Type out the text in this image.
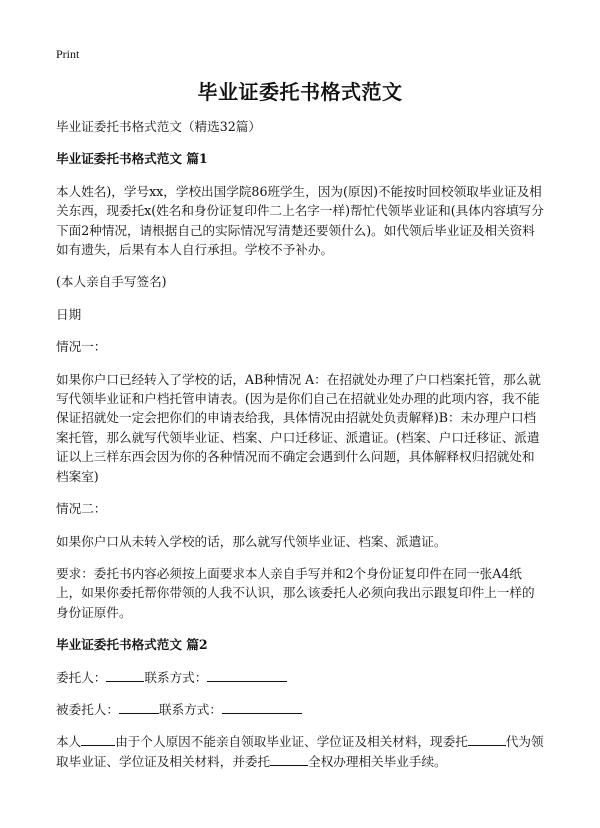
Print
毕业证委托书格式范文

毕业证委托书格式范文（精选32篇）

毕业证委托书格式范文 篇1

本人姓名)，学号xx，学校出国学院86班学生，因为(原因)不能按时回校领取毕业证及相关东西，现委托x(姓名和身份证复印件二上名字一样)帮忙代领毕业证和(具体内容填写分下面2种情况，请根据自己的实际情况写清楚还要领什么)。如代领后毕业证及相关资料如有遗失，后果有本人自行承担。学校不予补办。

(本人亲自手写签名)

日期

情况一：

如果你户口已经转入了学校的话，AB种情况 A：在招就处办理了户口档案托管，那么就写代领毕业证和户档托管申请表。(因为是你们自己在招就业处办理的此项内容，我不能保证招就处一定会把你们的申请表给我，具体情况由招就处负责解释)B：未办理户口档案托管，那么就写代领毕业证、档案、户口迁移证、派遣证。(档案、户口迁移证、派遣证以上三样东西会因为你的各种情况而不确定会遇到什么问题，具体解释权归招就处和档案室)

情况二：

如果你户口从未转入学校的话，那么就写代领毕业证、档案、派遣证。

要求：委托书内容必须按上面要求本人亲自手写并和2个身份证复印件在同一张A4纸上，如果你委托帮你带领的人我不认识，那么该委托人必须向我出示跟复印件上一样的身份证原件。

毕业证委托书格式范文 篇2

委托人：	联系方式：

被委托人：	联系方式：

本人	由于个人原因不能亲自领取毕业证、学位证及相关材料，现委托	代为领取毕业证、学位证及相关材料，并委托	全权办理相关毕业手续。
